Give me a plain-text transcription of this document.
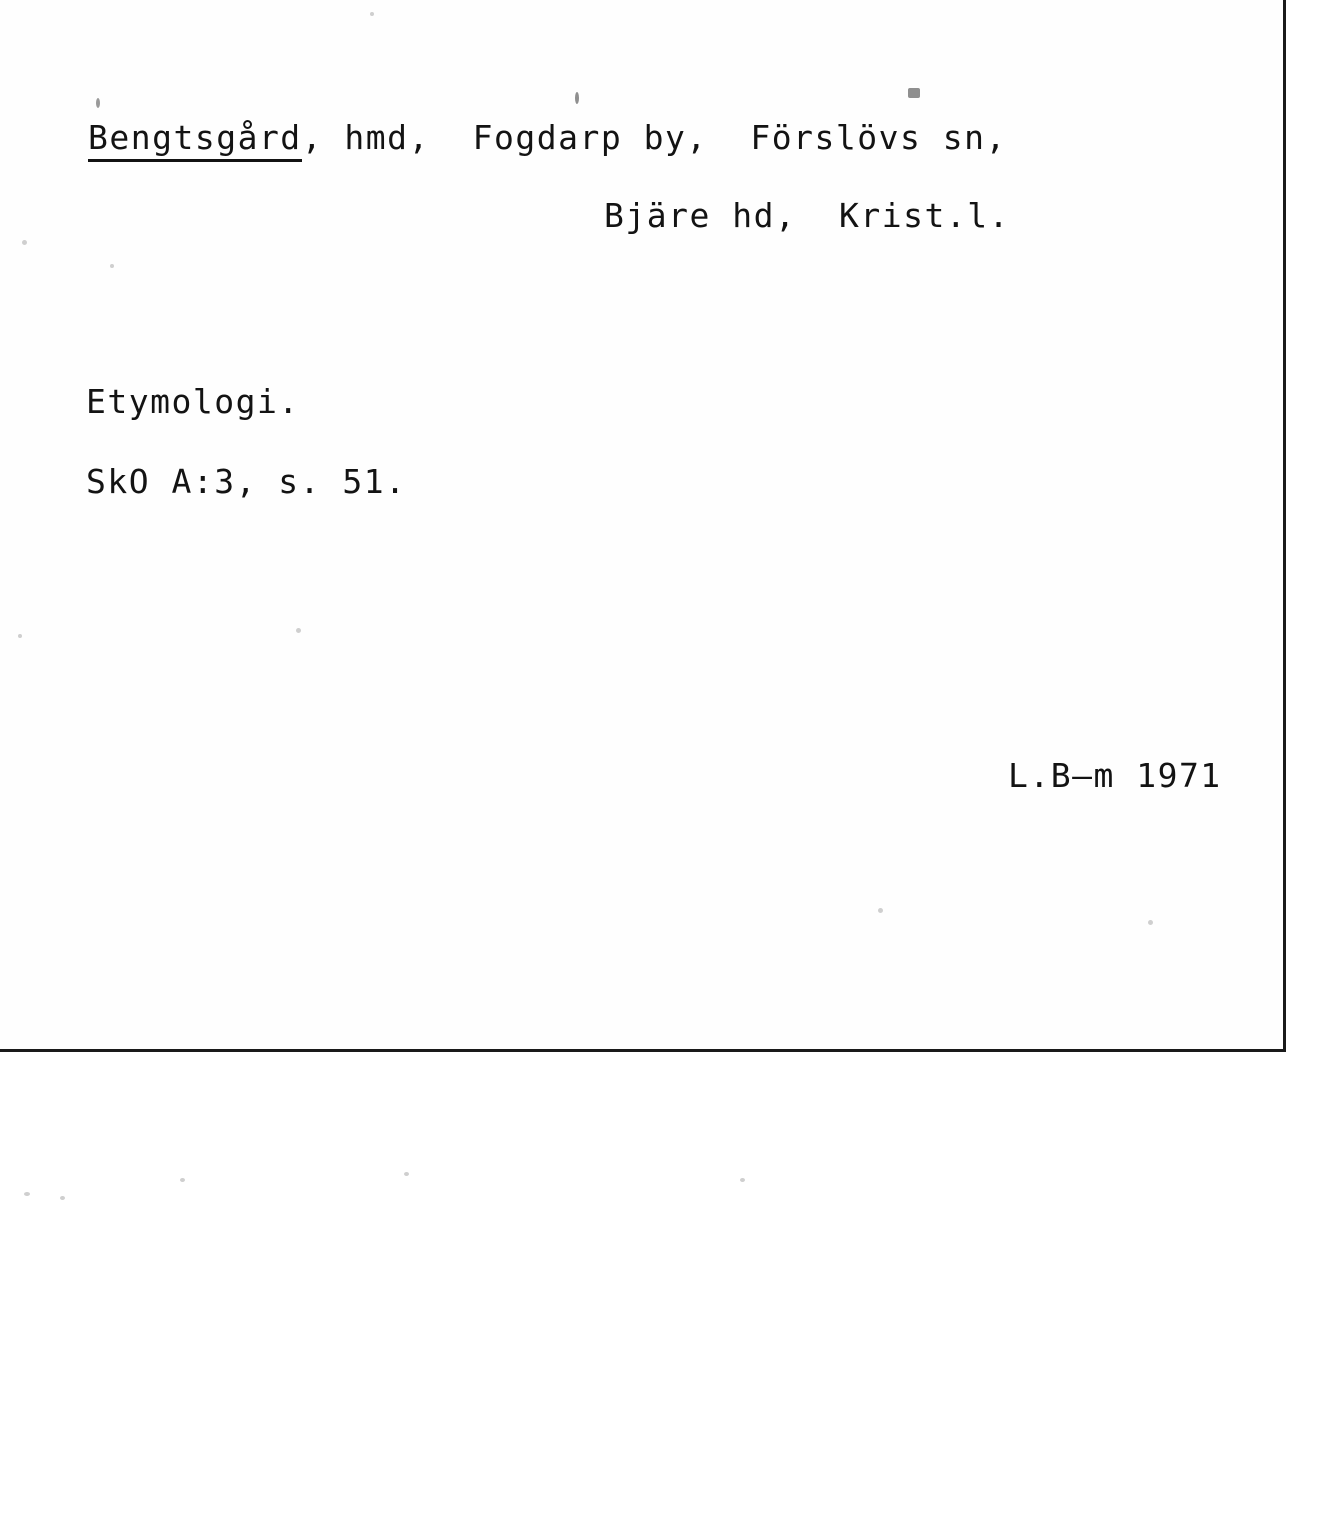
Bengtsgård, hmd,  Fogdarp by,  Förslövs sn,
Bjäre hd,  Krist.l.
Etymologi.
SkO A:3, s. 51.
L.B—m 1971
